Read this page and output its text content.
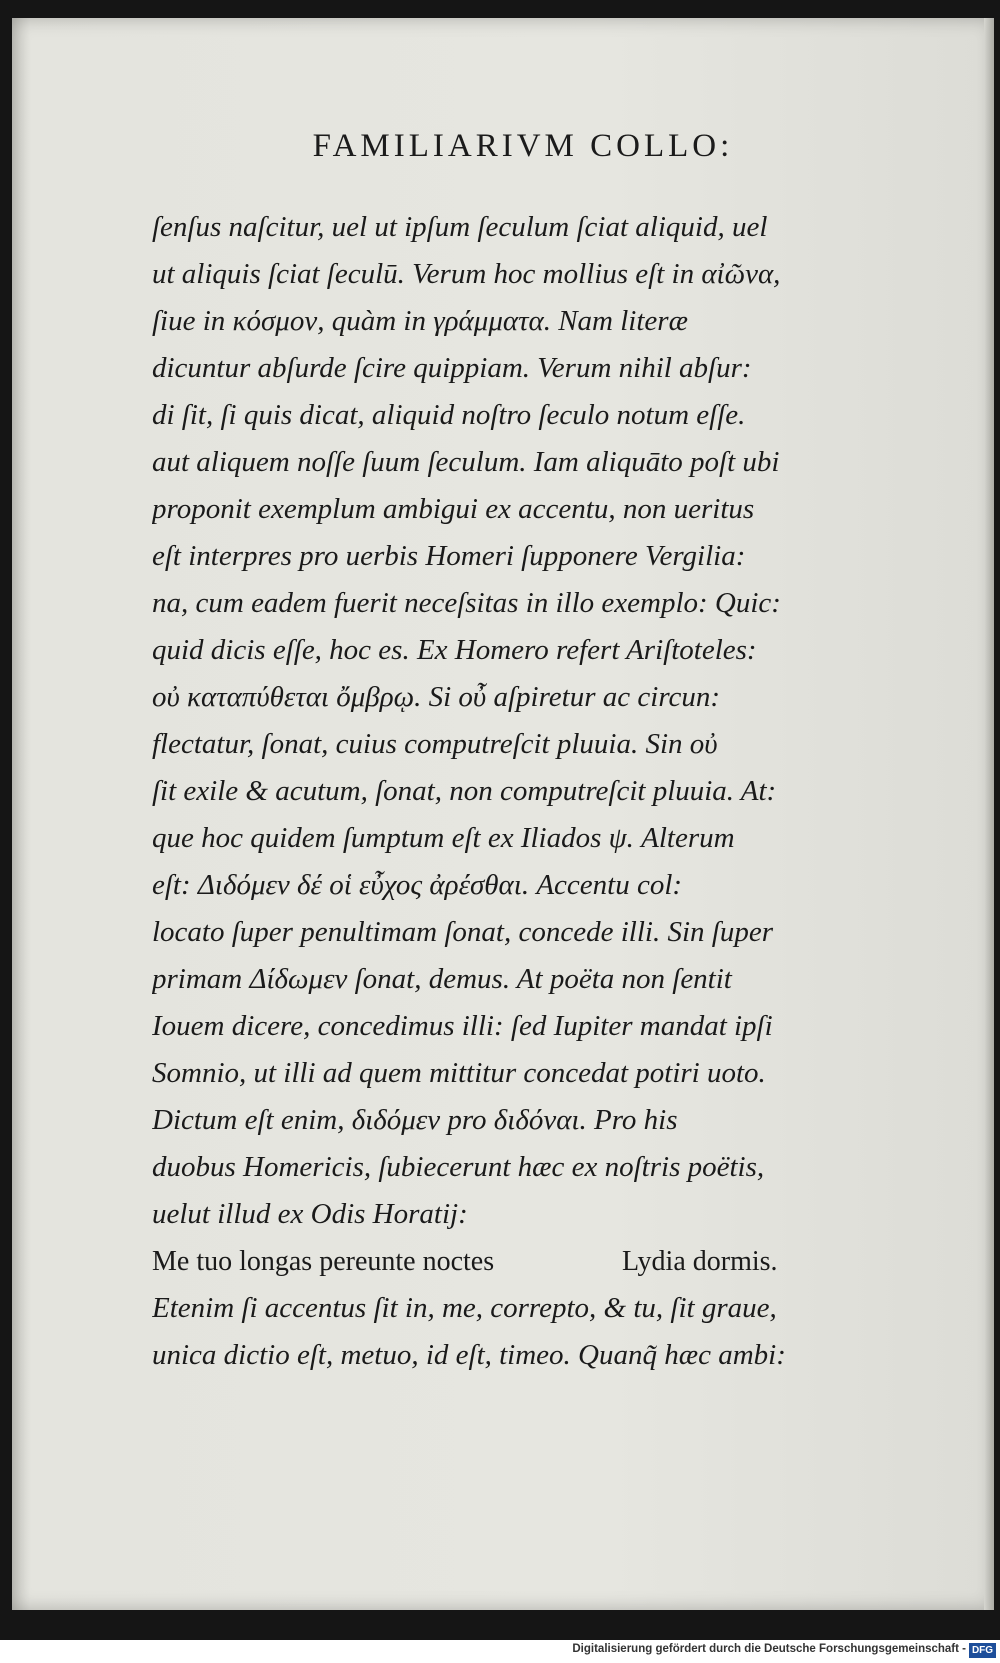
FAMILIARIVM COLLO:
ſenſus naſcitur, uel ut ipſum ſeculum ſciat aliquid, uel
ut aliquis ſciat ſeculū. Verum hoc mollius eſt in αἰῶνα,
ſiue in κόσμον, quàm in γράμματα. Nam literæ
dicuntur abſurde ſcire quippiam. Verum nihil abſur:
di ſit, ſi quis dicat, aliquid noſtro ſeculo notum eſſe.
aut aliquem noſſe ſuum ſeculum. Iam aliquāto poſt ubi
proponit exemplum ambigui ex accentu, non ueritus
eſt interpres pro uerbis Homeri ſupponere Vergilia:
na, cum eadem fuerit neceſsitas in illo exemplo: Quic:
quid dicis eſſe, hoc es. Ex Homero refert Ariſtoteles:
οὐ καταπύθεται ὄμβρῳ. Si οὖ aſpiretur ac circun:
flectatur, ſonat, cuius computreſcit pluuia. Sin οὐ
ſit exile & acutum, ſonat, non computreſcit pluuia. At:
que hoc quidem ſumptum eſt ex Iliados ψ. Alterum
eſt: Διδόμεν δέ οἱ εὖχος ἀρέσθαι. Accentu col:
locato ſuper penultimam ſonat, concede illi. Sin ſuper
primam Δίδωμεν ſonat, demus. At poëta non ſentit
Iouem dicere, concedimus illi: ſed Iupiter mandat ipſi
Somnio, ut illi ad quem mittitur concedat potiri uoto.
Dictum eſt enim, διδόμεν pro διδόναι. Pro his
duobus Homericis, ſubiecerunt hæc ex noſtris poëtis,
uelut illud ex Odis Horatij:
Me tuo longas pereunte noctes	Lydia dormis.
Etenim ſi accentus ſit in, me, correpto, & tu, ſit graue,
unica dictio eſt, metuo, id eſt, timeo. Quanq̃ hæc ambi:
Digitalisierung gefördert durch die Deutsche Forschungsgemeinschaft - DFG
